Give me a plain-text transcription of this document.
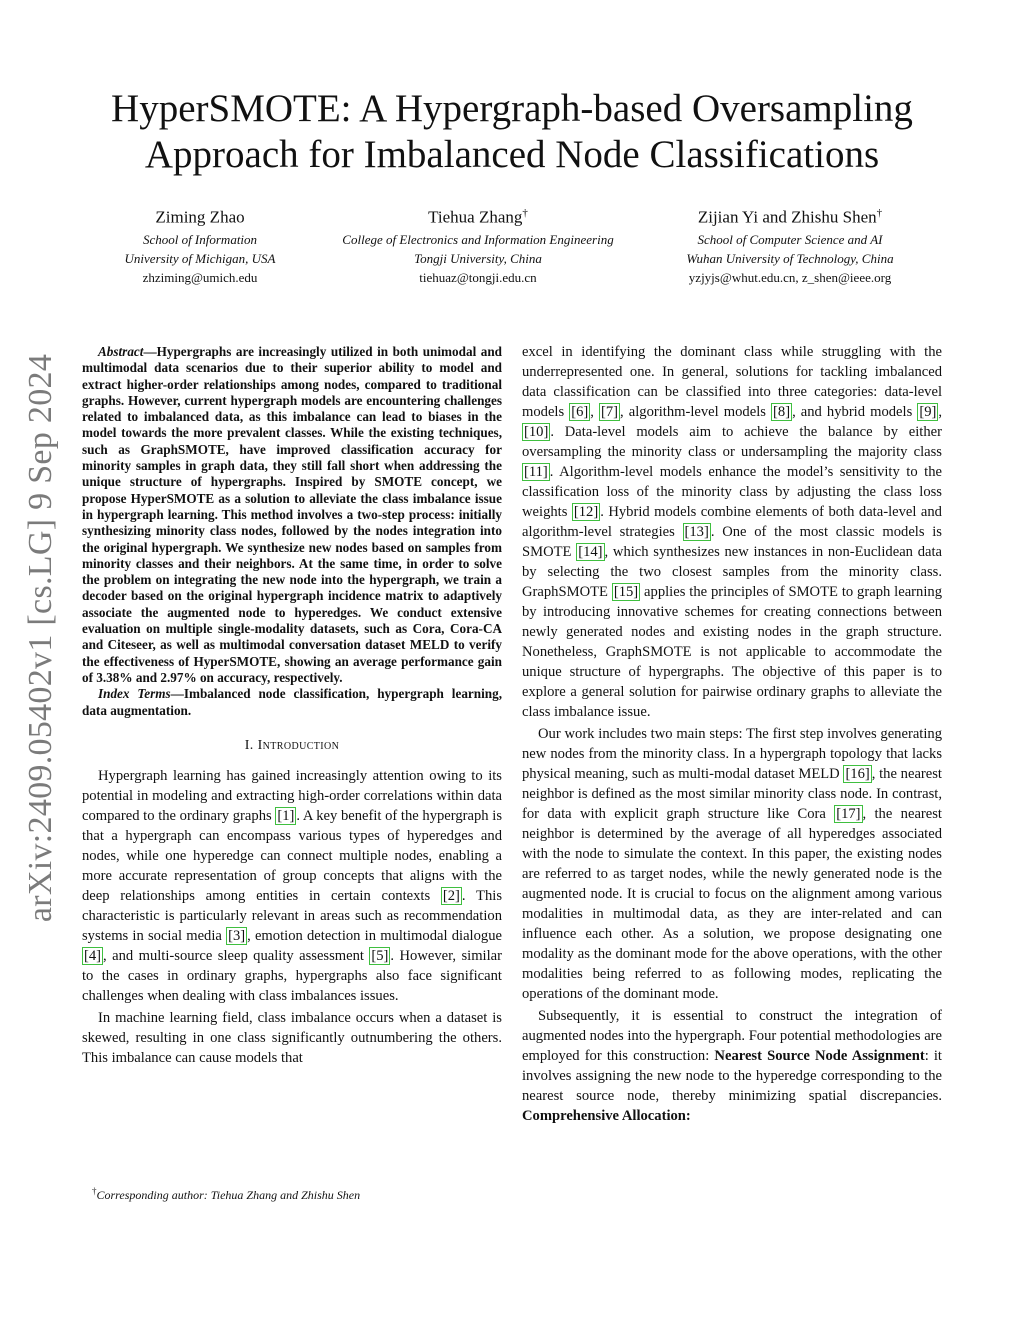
arXiv:2409.05402v1 [cs.LG] 9 Sep 2024
HyperSMOTE: A Hypergraph-based Oversampling
Approach for Imbalanced Node Classifications
Ziming Zhao
School of Information
University of Michigan, USA
zhziming@umich.edu
Tiehua Zhang†
College of Electronics and Information Engineering
Tongji University, China
tiehuaz@tongji.edu.cn
Zijian Yi and Zhishu Shen†
School of Computer Science and AI
Wuhan University of Technology, China
yzjyjs@whut.edu.cn, z_shen@ieee.org

Abstract—Hypergraphs are increasingly utilized in both unimodal and multimodal data scenarios due to their superior ability to model and extract higher-order relationships among nodes, compared to traditional graphs. However, current hypergraph models are encountering challenges related to imbalanced data, as this imbalance can lead to biases in the model towards the more prevalent classes. While the existing techniques, such as GraphSMOTE, have improved classification accuracy for minority samples in graph data, they still fall short when addressing the unique structure of hypergraphs. Inspired by SMOTE concept, we propose HyperSMOTE as a solution to alleviate the class imbalance issue in hypergraph learning. This method involves a two-step process: initially synthesizing minority class nodes, followed by the nodes integration into the original hypergraph. We synthesize new nodes based on samples from minority classes and their neighbors. At the same time, in order to solve the problem on integrating the new node into the hypergraph, we train a decoder based on the original hypergraph incidence matrix to adaptively associate the augmented node to hyperedges. We conduct extensive evaluation on multiple single-modality datasets, such as Cora, Cora-CA and Citeseer, as well as multimodal conversation dataset MELD to verify the effectiveness of HyperSMOTE, showing an average performance gain of 3.38% and 2.97% on accuracy, respectively.

Index Terms—Imbalanced node classification, hypergraph learning, data augmentation.

I. Introduction

Hypergraph learning has gained increasingly attention owing to its potential in modeling and extracting high-order correlations within data compared to the ordinary graphs [1] . A key benefit of the hypergraph is that a hypergraph can encompass various types of hyperedges and nodes, while one hyperedge can connect multiple nodes, enabling a more accurate representation of group concepts that aligns with the deep relationships among entities in certain contexts [2] . This characteristic is particularly relevant in areas such as recommendation systems in social media [3] , emotion detection in multimodal dialogue [4] , and multi-source sleep quality assessment [5] . However, similar to the cases in ordinary graphs, hypergraphs also face significant challenges when dealing with class imbalances issues.

In machine learning field, class imbalance occurs when a dataset is skewed, resulting in one class significantly outnumbering the others. This imbalance can cause models that

†Corresponding author: Tiehua Zhang and Zhishu Shen

excel in identifying the dominant class while struggling with the underrepresented one. In general, solutions for tackling imbalanced data classification can be classified into three categories: data-level models [6] , [7] , algorithm-level models [8] , and hybrid models [9] , [10] . Data-level models aim to achieve the balance by either oversampling the minority class or undersampling the majority class [11] . Algorithm-level models enhance the model’s sensitivity to the classification loss of the minority class by adjusting the class loss weights [12] . Hybrid models combine elements of both data-level and algorithm-level strategies [13] . One of the most classic models is SMOTE [14] , which synthesizes new instances in non-Euclidean data by selecting the two closest samples from the minority class. GraphSMOTE [15] applies the principles of SMOTE to graph learning by introducing innovative schemes for creating connections between newly generated nodes and existing nodes in the graph structure. Nonetheless, GraphSMOTE is not applicable to accommodate the unique structure of hypergraphs. The objective of this paper is to explore a general solution for pairwise ordinary graphs to alleviate the class imbalance issue.

Our work includes two main steps: The first step involves generating new nodes from the minority class. In a hypergraph topology that lacks physical meaning, such as multi-modal dataset MELD [16] , the nearest neighbor is defined as the most similar minority class node. In contrast, for data with explicit graph structure like Cora [17] , the nearest neighbor is determined by the average of all hyperedges associated with the node to simulate the context. In this paper, the existing nodes are referred to as target nodes, while the newly generated node is the augmented node. It is crucial to focus on the alignment among various modalities in multimodal data, as they are inter-related and can influence each other. As a solution, we propose designating one modality as the dominant mode for the above operations, with the other modalities being referred to as following modes, replicating the operations of the dominant mode.

Subsequently, it is essential to construct the integration of augmented nodes into the hypergraph. Four potential methodologies are employed for this construction: Nearest Source Node Assignment: it involves assigning the new node to the hyperedge corresponding to the nearest source node, thereby minimizing spatial discrepancies. Comprehensive Allocation:
